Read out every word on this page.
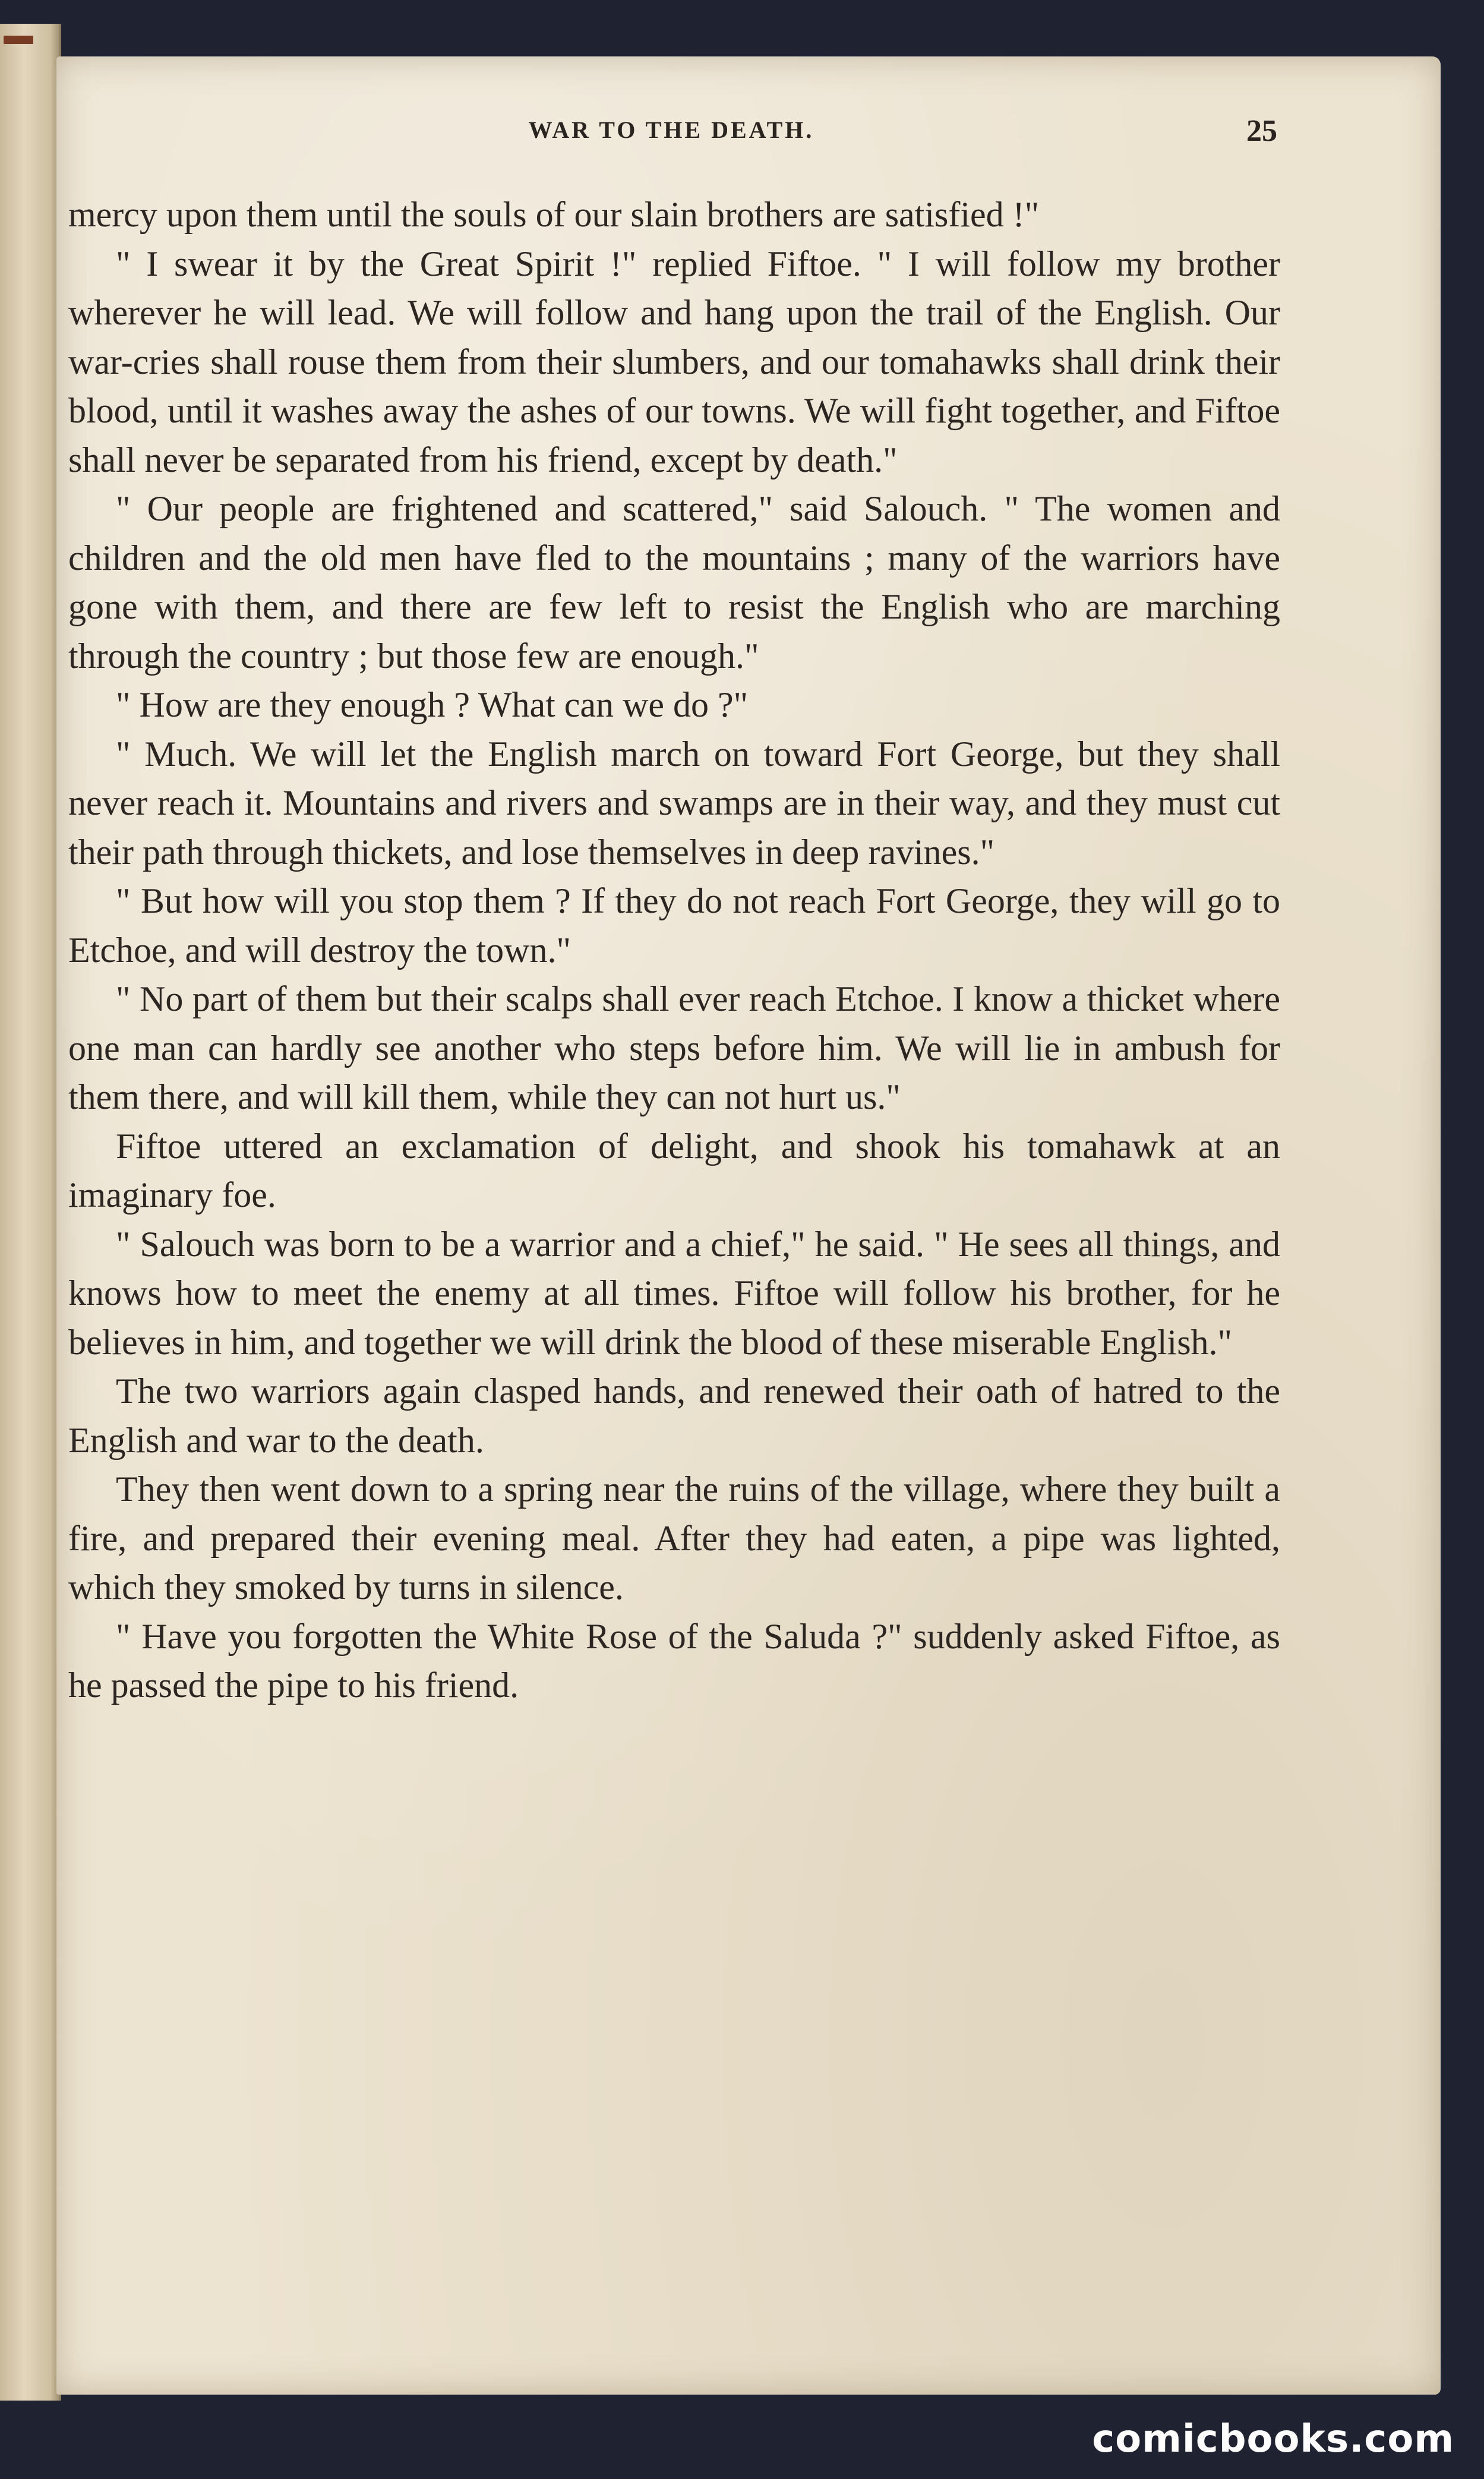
WAR TO THE DEATH.	25

mercy upon them until the souls of our slain brothers are satisfied !"

" I swear it by the Great Spirit !" replied Fiftoe. " I will follow my brother wherever he will lead. We will follow and hang upon the trail of the English. Our war-cries shall rouse them from their slumbers, and our tomahawks shall drink their blood, until it washes away the ashes of our towns. We will fight together, and Fiftoe shall never be separated from his friend, except by death."

" Our people are frightened and scattered," said Salouch. " The women and children and the old men have fled to the mountains ; many of the warriors have gone with them, and there are few left to resist the English who are marching through the country ; but those few are enough."

" How are they enough ? What can we do ?"

" Much. We will let the English march on toward Fort George, but they shall never reach it. Mountains and rivers and swamps are in their way, and they must cut their path through thickets, and lose themselves in deep ravines."

" But how will you stop them ? If they do not reach Fort George, they will go to Etchoe, and will destroy the town."

" No part of them but their scalps shall ever reach Etchoe. I know a thicket where one man can hardly see another who steps before him. We will lie in ambush for them there, and will kill them, while they can not hurt us."

Fiftoe uttered an exclamation of delight, and shook his tomahawk at an imaginary foe.

" Salouch was born to be a warrior and a chief," he said. " He sees all things, and knows how to meet the enemy at all times. Fiftoe will follow his brother, for he believes in him, and together we will drink the blood of these miserable English."

The two warriors again clasped hands, and renewed their oath of hatred to the English and war to the death.

They then went down to a spring near the ruins of the village, where they built a fire, and prepared their evening meal. After they had eaten, a pipe was lighted, which they smoked by turns in silence.

" Have you forgotten the White Rose of the Saluda ?" suddenly asked Fiftoe, as he passed the pipe to his friend.

comicbooks.com
